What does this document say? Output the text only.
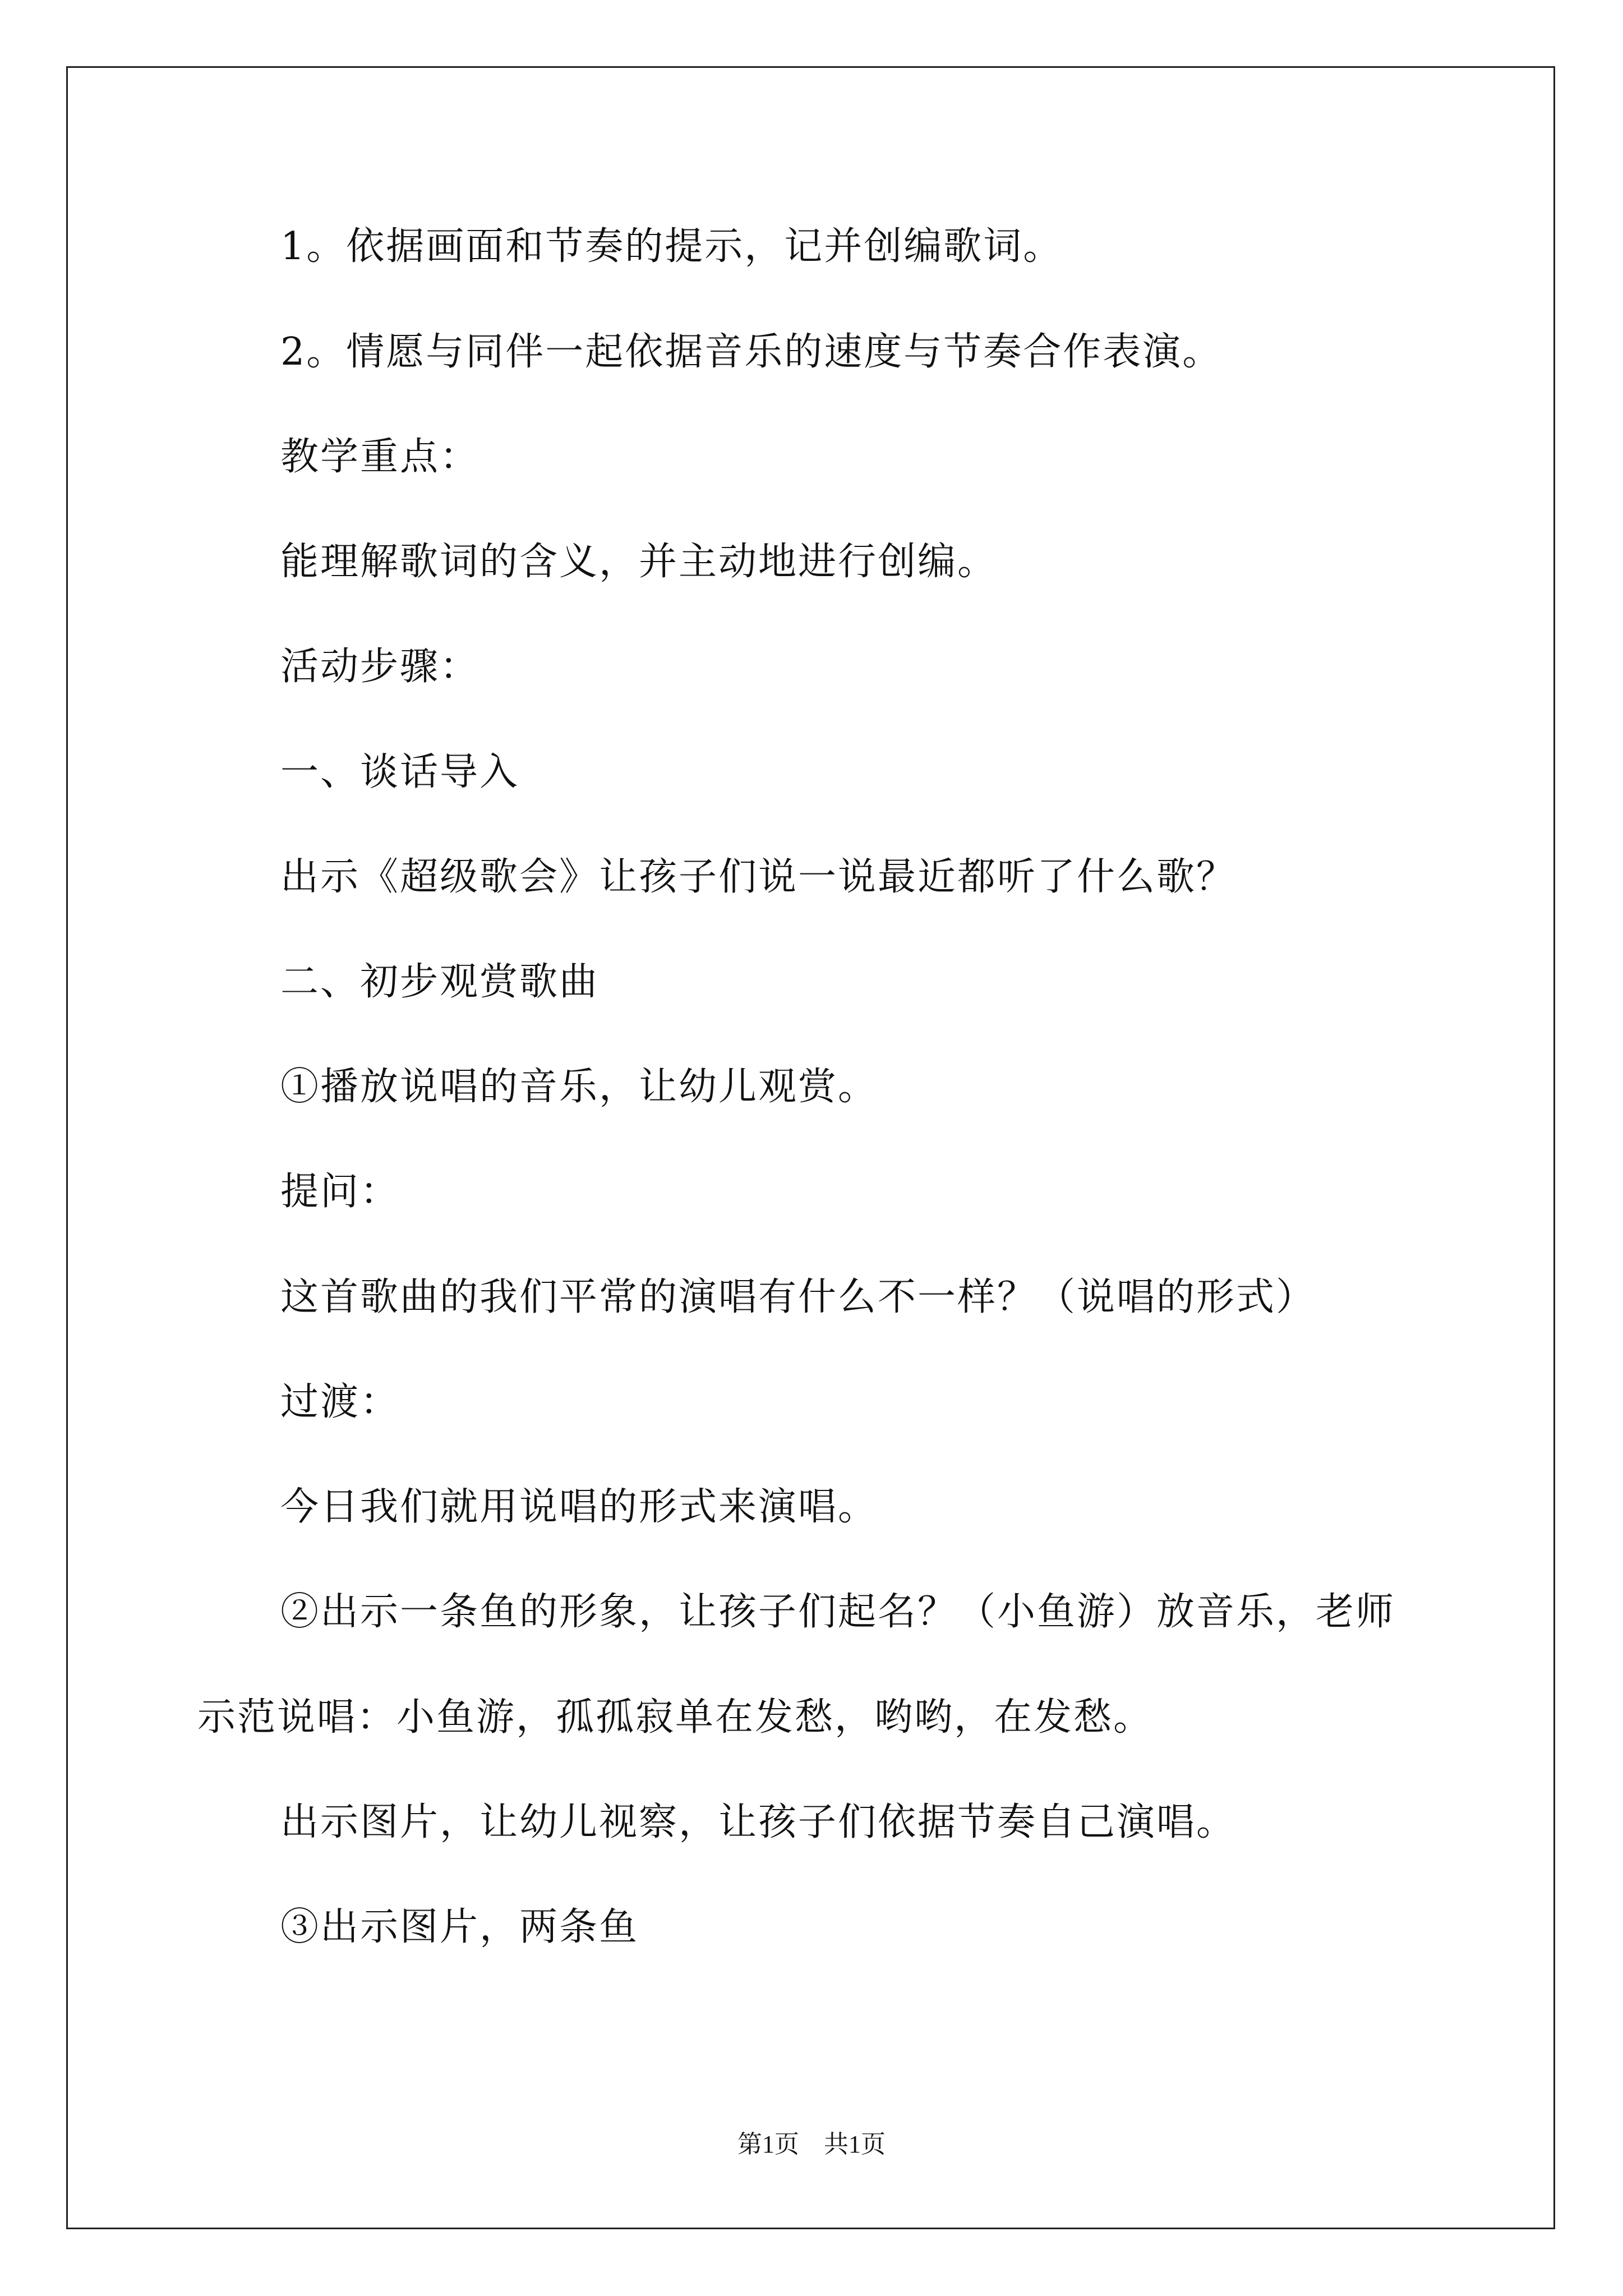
1。依据画面和节奏的提示，记并创编歌词。
2。情愿与同伴一起依据音乐的速度与节奏合作表演。
教学重点：
能理解歌词的含义，并主动地进行创编。
活动步骤：
一、谈话导入
出示《超级歌会》让孩子们说一说最近都听了什么歌？
二、初步观赏歌曲
①播放说唱的音乐，让幼儿观赏。
提问：
这首歌曲的我们平常的演唱有什么不一样？（说唱的形式）
过渡：
今日我们就用说唱的形式来演唱。
②出示一条鱼的形象，让孩子们起名？（小鱼游）放音乐，老师
示范说唱：小鱼游，孤孤寂单在发愁，哟哟，在发愁。
出示图片，让幼儿视察，让孩子们依据节奏自己演唱。
③出示图片，两条鱼
第1页 共1页
